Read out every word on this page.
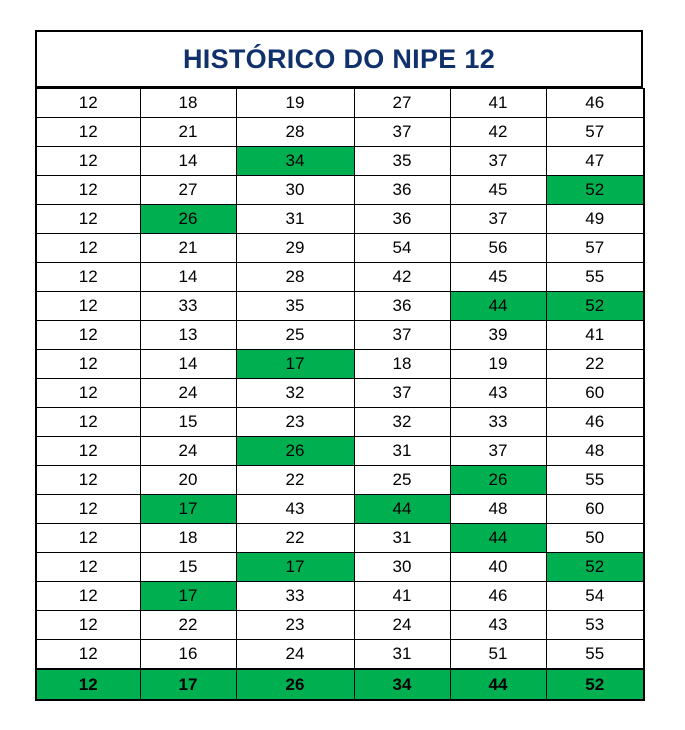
HISTÓRICO DO NIPE 12
12	18	19	27	41	46
12	21	28	37	42	57
12	14	34	35	37	47
12	27	30	36	45	52
12	26	31	36	37	49
12	21	29	54	56	57
12	14	28	42	45	55
12	33	35	36	44	52
12	13	25	37	39	41
12	14	17	18	19	22
12	24	32	37	43	60
12	15	23	32	33	46
12	24	26	31	37	48
12	20	22	25	26	55
12	17	43	44	48	60
12	18	22	31	44	50
12	15	17	30	40	52
12	17	33	41	46	54
12	22	23	24	43	53
12	16	24	31	51	55
12	17	26	34	44	52
